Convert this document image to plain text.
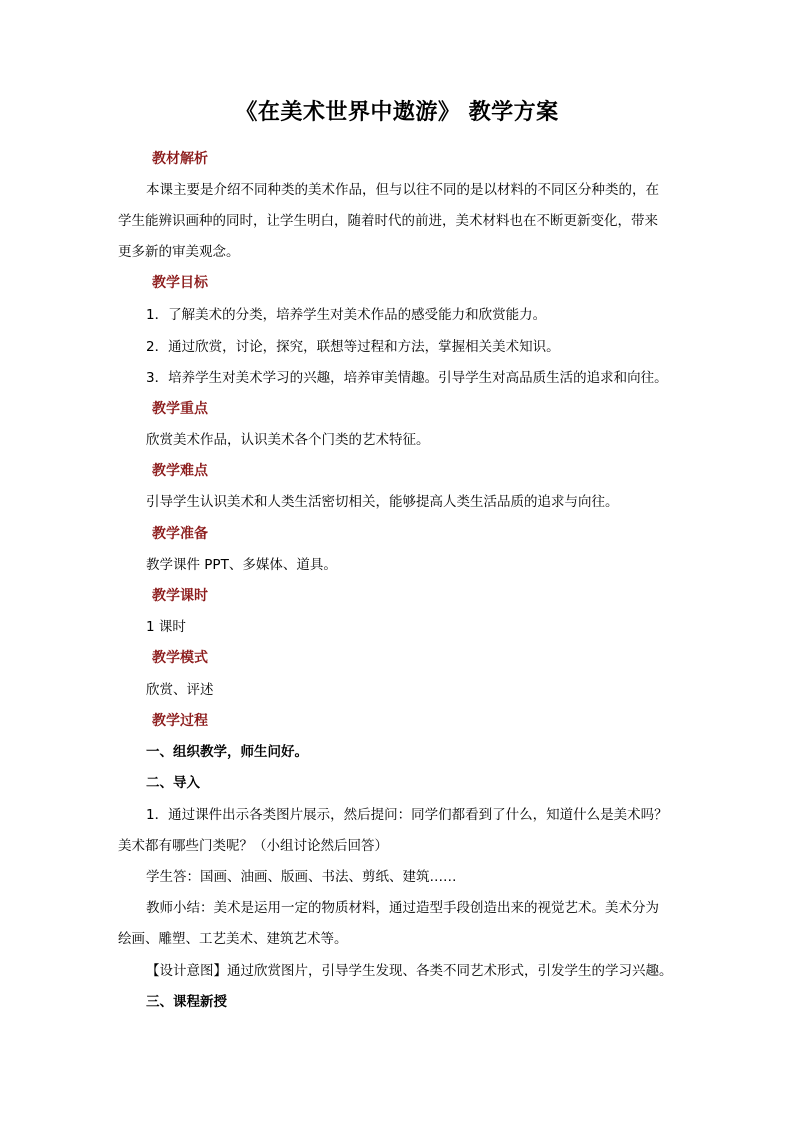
《在美术世界中遨游》 教学方案
教材解析
本课主要是介绍不同种类的美术作品，但与以往不同的是以材料的不同区分种类的，在
学生能辨识画种的同时，让学生明白，随着时代的前进，美术材料也在不断更新变化，带来
更多新的审美观念。
教学目标
1．了解美术的分类，培养学生对美术作品的感受能力和欣赏能力。
2．通过欣赏，讨论，探究，联想等过程和方法，掌握相关美术知识。
3．培养学生对美术学习的兴趣，培养审美情趣。引导学生对高品质生活的追求和向往。
教学重点
欣赏美术作品，认识美术各个门类的艺术特征。
教学难点
引导学生认识美术和人类生活密切相关，能够提高人类生活品质的追求与向往。
教学准备
教学课件 PPT、多媒体、道具。
教学课时
1 课时
教学模式
欣赏、评述
教学过程
一、组织教学，师生问好。
二、导入
1．通过课件出示各类图片展示，然后提问：同学们都看到了什么，知道什么是美术吗？
美术都有哪些门类呢？（小组讨论然后回答）
学生答：国画、油画、版画、书法、剪纸、建筑……
教师小结：美术是运用一定的物质材料，通过造型手段创造出来的视觉艺术。美术分为
绘画、雕塑、工艺美术、建筑艺术等。
【设计意图】通过欣赏图片，引导学生发现、各类不同艺术形式，引发学生的学习兴趣。
三、课程新授
